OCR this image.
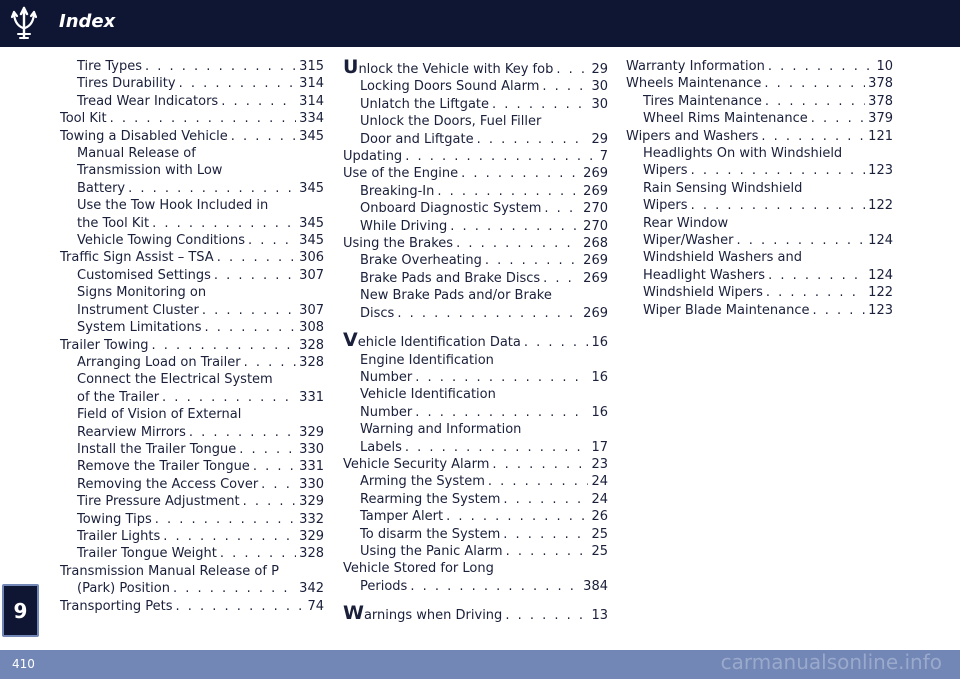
Index
Tire Types . . .	315
Tires Durability . . .	314
Tread Wear Indicators . . .	314
Tool Kit . . .	334
Towing a Disabled Vehicle . . .	345
Manual Release of
Transmission with Low
Battery . . .	345
Use the Tow Hook Included in
the Tool Kit . . .	345
Vehicle Towing Conditions . . .	345
Traffic Sign Assist – TSA . . .	306
Customised Settings . . .	307
Signs Monitoring on
Instrument Cluster . . .	307
System Limitations . . .	308
Trailer Towing . . .	328
Arranging Load on Trailer . . .	328
Connect the Electrical System
of the Trailer . . .	331
Field of Vision of External
Rearview Mirrors . . .	329
Install the Trailer Tongue . . .	330
Remove the Trailer Tongue . . .	331
Removing the Access Cover . . .	330
Tire Pressure Adjustment . . .	329
Towing Tips . . .	332
Trailer Lights . . .	329
Trailer Tongue Weight . . .	328
Transmission Manual Release of P
(Park) Position . . .	342
Transporting Pets . . .	74
Unlock the Vehicle with Key fob . . .	29
Locking Doors Sound Alarm . . .	30
Unlatch the Liftgate . . .	30
Unlock the Doors, Fuel Filler
Door and Liftgate . . .	29
Updating . . .	7
Use of the Engine . . .	269
Breaking-In . . .	269
Onboard Diagnostic System . . .	270
While Driving . . .	270
Using the Brakes . . .	268
Brake Overheating . . .	269
Brake Pads and Brake Discs . . .	269
New Brake Pads and/or Brake
Discs . . .	269
Vehicle Identification Data . . .	16
Engine Identification
Number . . .	16
Vehicle Identification
Number . . .	16
Warning and Information
Labels . . .	17
Vehicle Security Alarm . . .	23
Arming the System . . .	24
Rearming the System . . .	24
Tamper Alert . . .	26
To disarm the System . . .	25
Using the Panic Alarm . . .	25
Vehicle Stored for Long
Periods . . .	384
Warnings when Driving . . .	13
Warranty Information . . .	10
Wheels Maintenance . . .	378
Tires Maintenance . . .	378
Wheel Rims Maintenance . . .	379
Wipers and Washers . . .	121
Headlights On with Windshield
Wipers . . .	123
Rain Sensing Windshield
Wipers . . .	122
Rear Window
Wiper/Washer . . .	124
Windshield Washers and
Headlight Washers . . .	124
Windshield Wipers . . .	122
Wiper Blade Maintenance . . .	123
9
410	carmanualsonline.info
